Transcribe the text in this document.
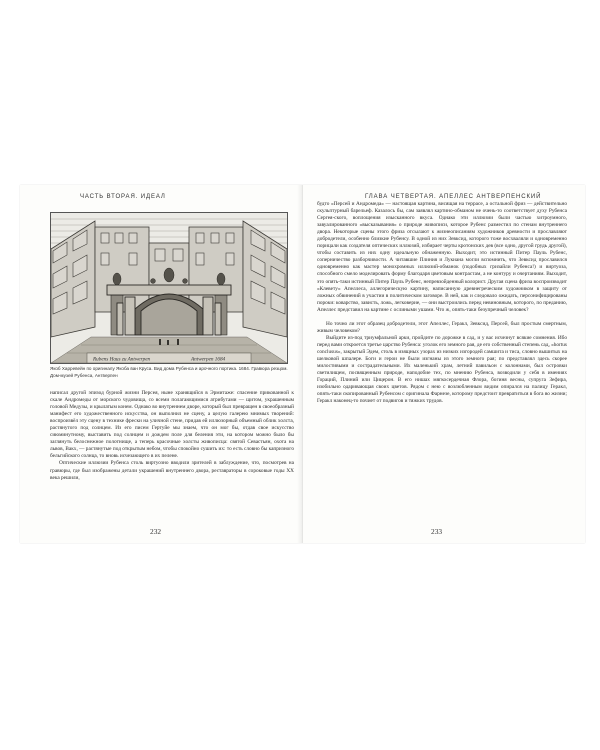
ЧАСТЬ ВТОРАЯ. ИДЕАЛ
Rubens Haus zu Antwerpen	Antwerpen 1684
Якоб Харревейн по оригиналу Якоба ван Круса. Вид дома Рубенса и арочного портика. 1684. Гравюра резцом. Дом-музей Рубенса, Антверпен

написал другой эпизод бурной жизни Персея, ныне хранящийся в Эрмитаже: спасение прикованной к скале Андромеды от морского чудовища, со всеми полагающимися атрибутами — щитом, украшенным головой Медузы, и крылатым конем. Однако во внутреннем дворе, который был превращен в своеобразный манифест его художественного искусства, он выполнил не сцену, а целую галерею мнимых творений: воспроизвёл эту сцену в технике фрески на уличной стене, придав ей иллюзорный объемный облик холста, растянутого под солнцем. Из его писем Гертуйе мы знаем, что он мог бы, отдав свое искусство сиюминутному, выставить под солнцем и дождем поле для беления эти, на котором можно было бы заглянуть белоснежное полотнище, а теперь красочные холсты живописца: святой Севастьян, охота на львов, Вакх, — растянутые под открытым небом, чтобы спокойно сушить их: то есть словно бы капризного бельгийского солнца, то вновь исчезающего в их пелене.

Оптические иллюзии Рубенса столь виртуозно вводили зрителей в заблуждение, что, посмотрев на гравюры, где был изображены детали украшений внутреннего двора, реставраторы в сороковые годы XX века решили,

232
ГЛАВА ЧЕТВЕРТАЯ. АПЕЛЛЕС АНТВЕРПЕНСКИЙ

будто «Персей и Андромеда» — настоящая картина, висящая на террасе, а остальной фриз — действительно скульптурный барельеф. Казалось бы, сам заявлял картино-обманом не очень-то соответствует духу Рубенса Сергея-ского, воплощения изысканного вкуса. Однако эти иллюзии были частью хитроумного, завуалированного «высказывания» о природе живописи, которое Рубенс разместил по стенам внутреннего двора. Некоторые сцены этого фриза отсылают к жизнеописаниям художников древности и прославляют добродетели, особенно близкие Рубенсу. В одной из них Зевксид, которого тоже восхваляли и одновременно порицали как создателя оптических иллюзий, избирает черты кротонских дев (все одно, другой грудь другой), чтобы составить из них одну идеальную обнаженную. Выходит, это истинный Питер Пауль Рубенс, соперничество разборчивости. А читавшие Плиния и Лукиана могли вспомнить, что Зевксид прославился одновременно как мастер монохромных иллюзий-обманок (подобных гризайли Рубенса!) и виртуоза, способного смело моделировать форму благодаря цветовым контрастам, а не контуру и очертаниям. Выходит, это опять-таки истинный Питер Пауль Рубенс, непревзойденный колорист. Другая сцена фриза воспроизводит «Клевету» Апеллеса, аллегорическую картину, написанную древнегреческим художником в защиту от ложных обвинений в участии в политическом заговоре. В ней, как и следовало ожидать, персонифицированы пороки: коварство, зависть, ложь, легковерие, — они выстроились перед невиновным, которого, по преданию, Апеллес представил на картине с ослиными ушами. Что ж, опять-таки безупречный человек?

Но точно ли этот образец добродетели, этот Апеллес, Геракл, Зевксид, Персей, был простым смертным, живым человеком?

Выйдите из-под триумфальной арки, пройдите по дорожке в сад, и у вас исчезнут всякие сомнения. Ибо перед вами откроется третье царство Рубенса: уголок его земного рая, де его собственный степень сад, «hortus conclusus», закрытый Эдем, столь в изящных узорах из низких изгородей самшита и тиса, словно вышитых на шелковой шпалере. Боги и герои не были изгнаны из этого земного рая; по представлял здесь скорее милостивыми и сострадательными. Их маленький храм, летний павильон с колоннами, был островки светилищем, посвященным природе, наподобие тех, по мнению Рубенса, возводили у себя в имениях Гораций, Плиний или Цицерон. В его нишах мягкосердечная Флора, богиня весны, супруга Зефира, изобильно одаривающая своих цветов. Рядом с нею с возлюбленным видим опирался на палицу Геракл, опять-таки скопированный Рубенсом с оригинала Фарнезе, которому предстоит превратиться в бога во жизни; Геракл наконец-то почиет от подвигов и тяжких трудов.

233
